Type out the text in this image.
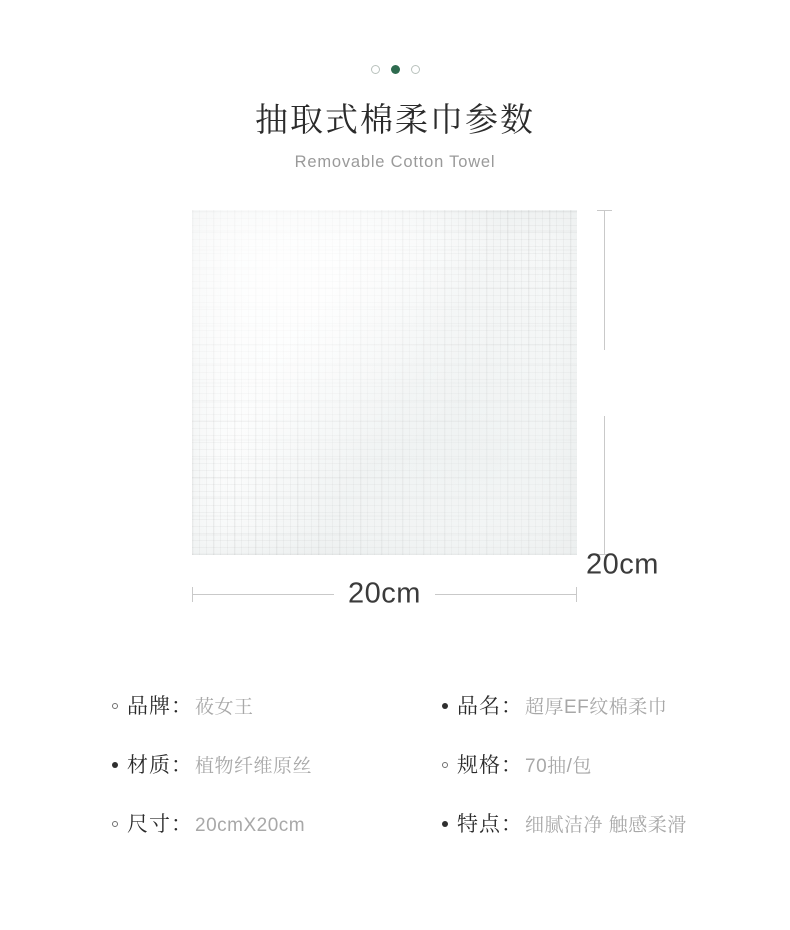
抽取式棉柔巾参数
Removable Cotton Towel
20cm
20cm
品牌： 莜女王	品名： 超厚EF纹棉柔巾
材质： 植物纤维原丝	规格： 70抽/包
尺寸： 20cmX20cm	特点： 细腻洁净 触感柔滑
